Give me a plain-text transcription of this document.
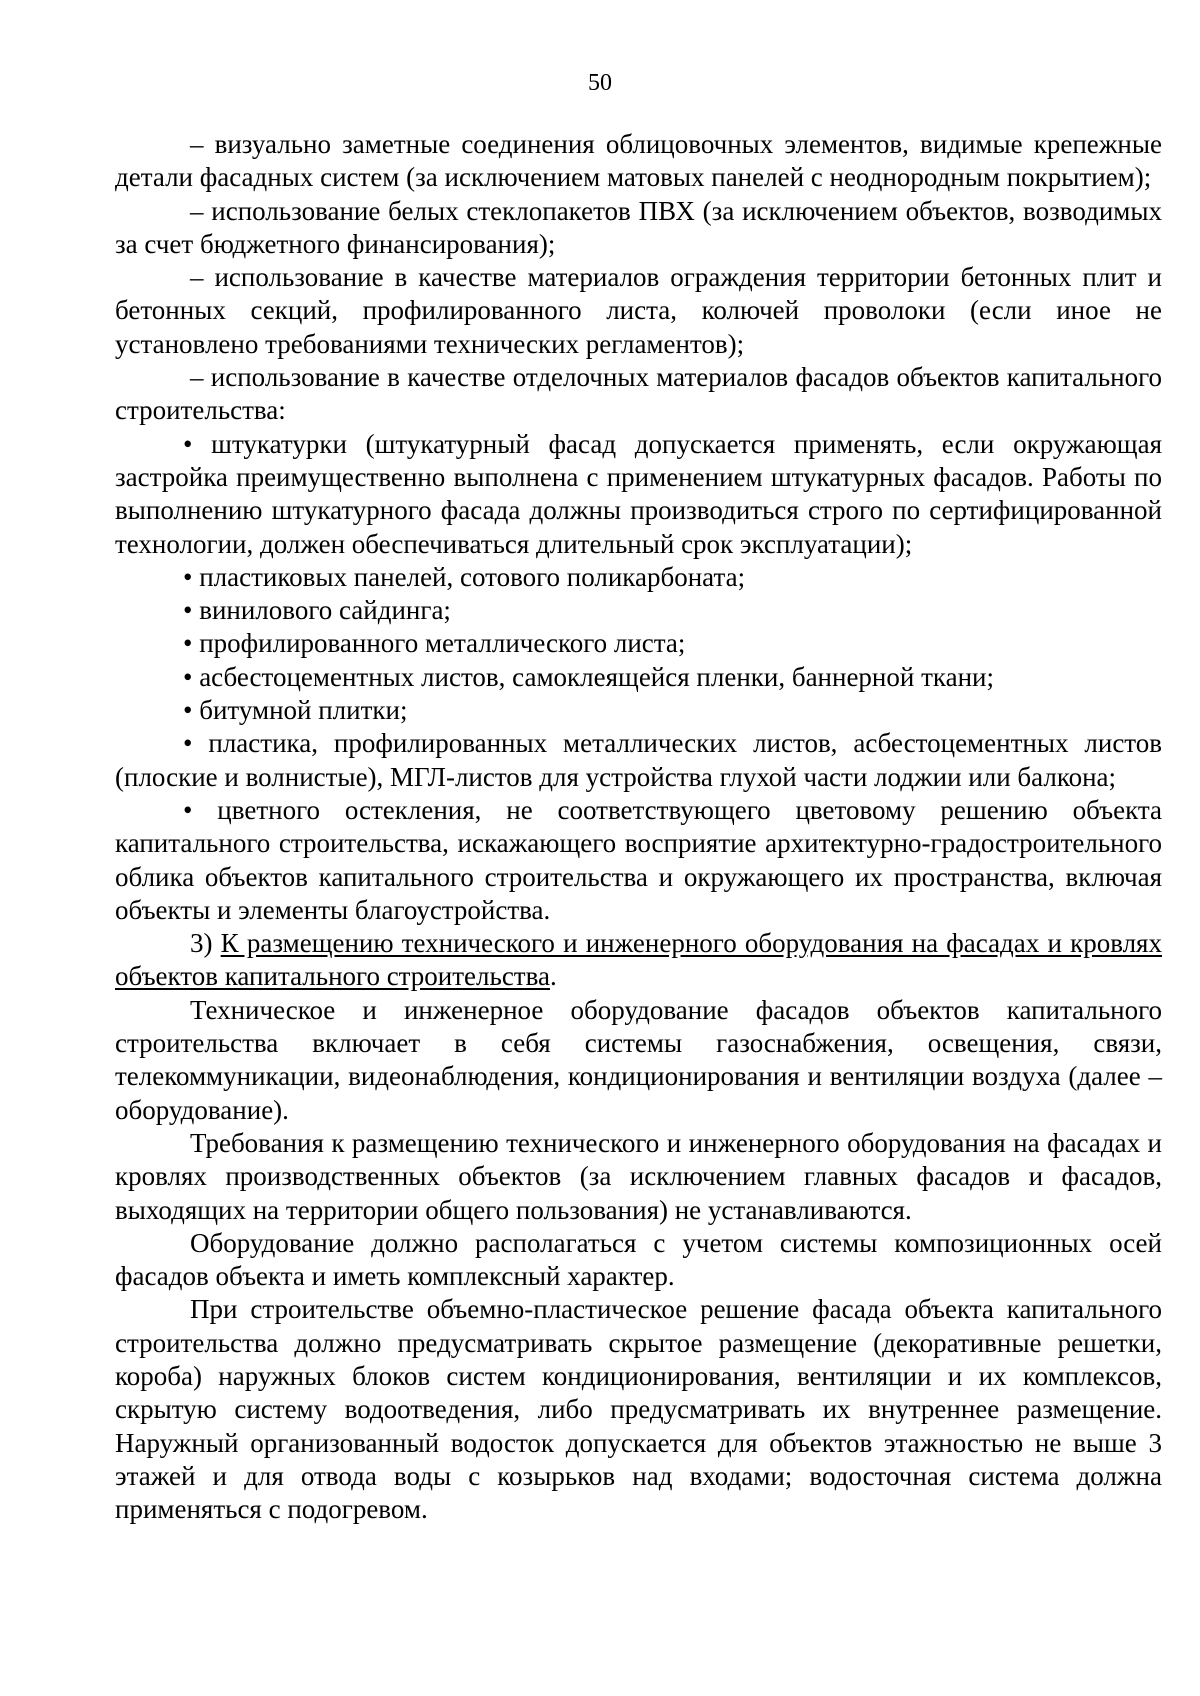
50

– визуально заметные соединения облицовочных элементов, видимые крепежные детали фасадных систем (за исключением матовых панелей с неоднородным покрытием);

– использование белых стеклопакетов ПВХ (за исключением объектов, возводимых за счет бюджетного финансирования);

– использование в качестве материалов ограждения территории бетонных плит и бетонных секций, профилированного листа, колючей проволоки (если иное не установлено требованиями технических регламентов);

– использование в качестве отделочных материалов фасадов объектов капитального строительства:

• штукатурки (штукатурный фасад допускается применять, если окружающая застройка преимущественно выполнена с применением штукатурных фасадов. Работы по выполнению штукатурного фасада должны производиться строго по сертифицированной технологии, должен обеспечиваться длительный срок эксплуатации);

• пластиковых панелей, сотового поликарбоната;

• винилового сайдинга;

• профилированного металлического листа;

• асбестоцементных листов, самоклеящейся пленки, баннерной ткани;

• битумной плитки;

• пластика, профилированных металлических листов, асбестоцементных листов (плоские и волнистые), МГЛ-листов для устройства глухой части лоджии или балкона;

• цветного остекления, не соответствующего цветовому решению объекта капитального строительства, искажающего восприятие архитектурно-градостроительного облика объектов капитального строительства и окружающего их пространства, включая объекты и элементы благоустройства.

3) К размещению технического и инженерного оборудования на фасадах и кровлях объектов капитального строительства.

Техническое и инженерное оборудование фасадов объектов капитального строительства включает в себя системы газоснабжения, освещения, связи, телекоммуникации, видеонаблюдения, кондиционирования и вентиляции воздуха (далее – оборудование).

Требования к размещению технического и инженерного оборудования на фасадах и кровлях производственных объектов (за исключением главных фасадов и фасадов, выходящих на территории общего пользования) не устанавливаются.

Оборудование должно располагаться с учетом системы композиционных осей фасадов объекта и иметь комплексный характер.

При строительстве объемно-пластическое решение фасада объекта капитального строительства должно предусматривать скрытое размещение (декоративные решетки, короба) наружных блоков систем кондиционирования, вентиляции и их комплексов, скрытую систему водоотведения, либо предусматривать их внутреннее размещение. Наружный организованный водосток допускается для объектов этажностью не выше 3 этажей и для отвода воды с козырьков над входами; водосточная система должна применяться с подогревом.
